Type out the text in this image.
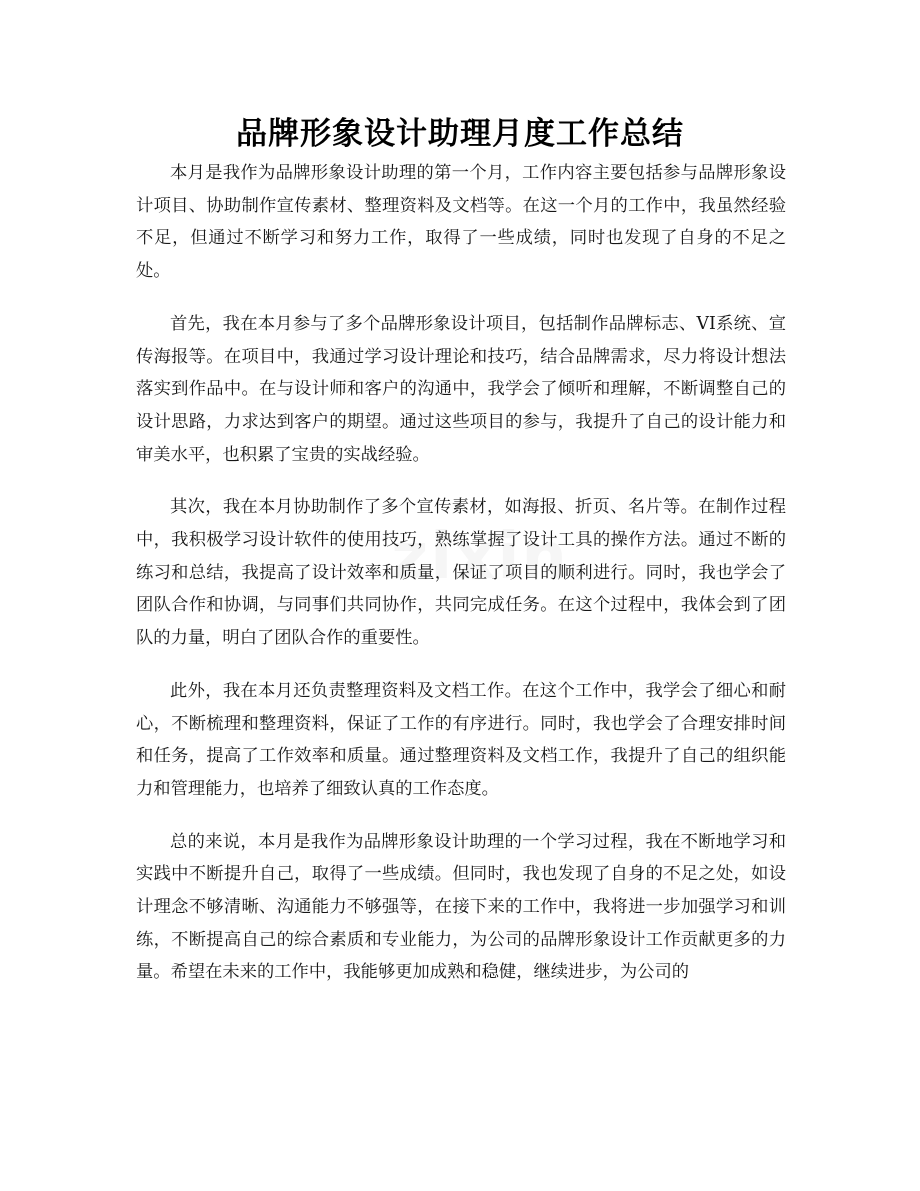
品牌形象设计助理月度工作总结

本月是我作为品牌形象设计助理的第一个月，工作内容主要包括参与品牌形象设计项目、协助制作宣传素材、整理资料及文档等。在这一个月的工作中，我虽然经验不足，但通过不断学习和努力工作，取得了一些成绩，同时也发现了自身的不足之处。

首先，我在本月参与了多个品牌形象设计项目，包括制作品牌标志、VI系统、宣传海报等。在项目中，我通过学习设计理论和技巧，结合品牌需求，尽力将设计想法落实到作品中。在与设计师和客户的沟通中，我学会了倾听和理解，不断调整自己的设计思路，力求达到客户的期望。通过这些项目的参与，我提升了自己的设计能力和审美水平，也积累了宝贵的实战经验。

其次，我在本月协助制作了多个宣传素材，如海报、折页、名片等。在制作过程中，我积极学习设计软件的使用技巧，熟练掌握了设计工具的操作方法。通过不断的练习和总结，我提高了设计效率和质量，保证了项目的顺利进行。同时，我也学会了团队合作和协调，与同事们共同协作，共同完成任务。在这个过程中，我体会到了团队的力量，明白了团队合作的重要性。

此外，我在本月还负责整理资料及文档工作。在这个工作中，我学会了细心和耐心，不断梳理和整理资料，保证了工作的有序进行。同时，我也学会了合理安排时间和任务，提高了工作效率和质量。通过整理资料及文档工作，我提升了自己的组织能力和管理能力，也培养了细致认真的工作态度。

总的来说，本月是我作为品牌形象设计助理的一个学习过程，我在不断地学习和实践中不断提升自己，取得了一些成绩。但同时，我也发现了自身的不足之处，如设计理念不够清晰、沟通能力不够强等，在接下来的工作中，我将进一步加强学习和训练，不断提高自己的综合素质和专业能力，为公司的品牌形象设计工作贡献更多的力量。希望在未来的工作中，我能够更加成熟和稳健，继续进步，为公司的
